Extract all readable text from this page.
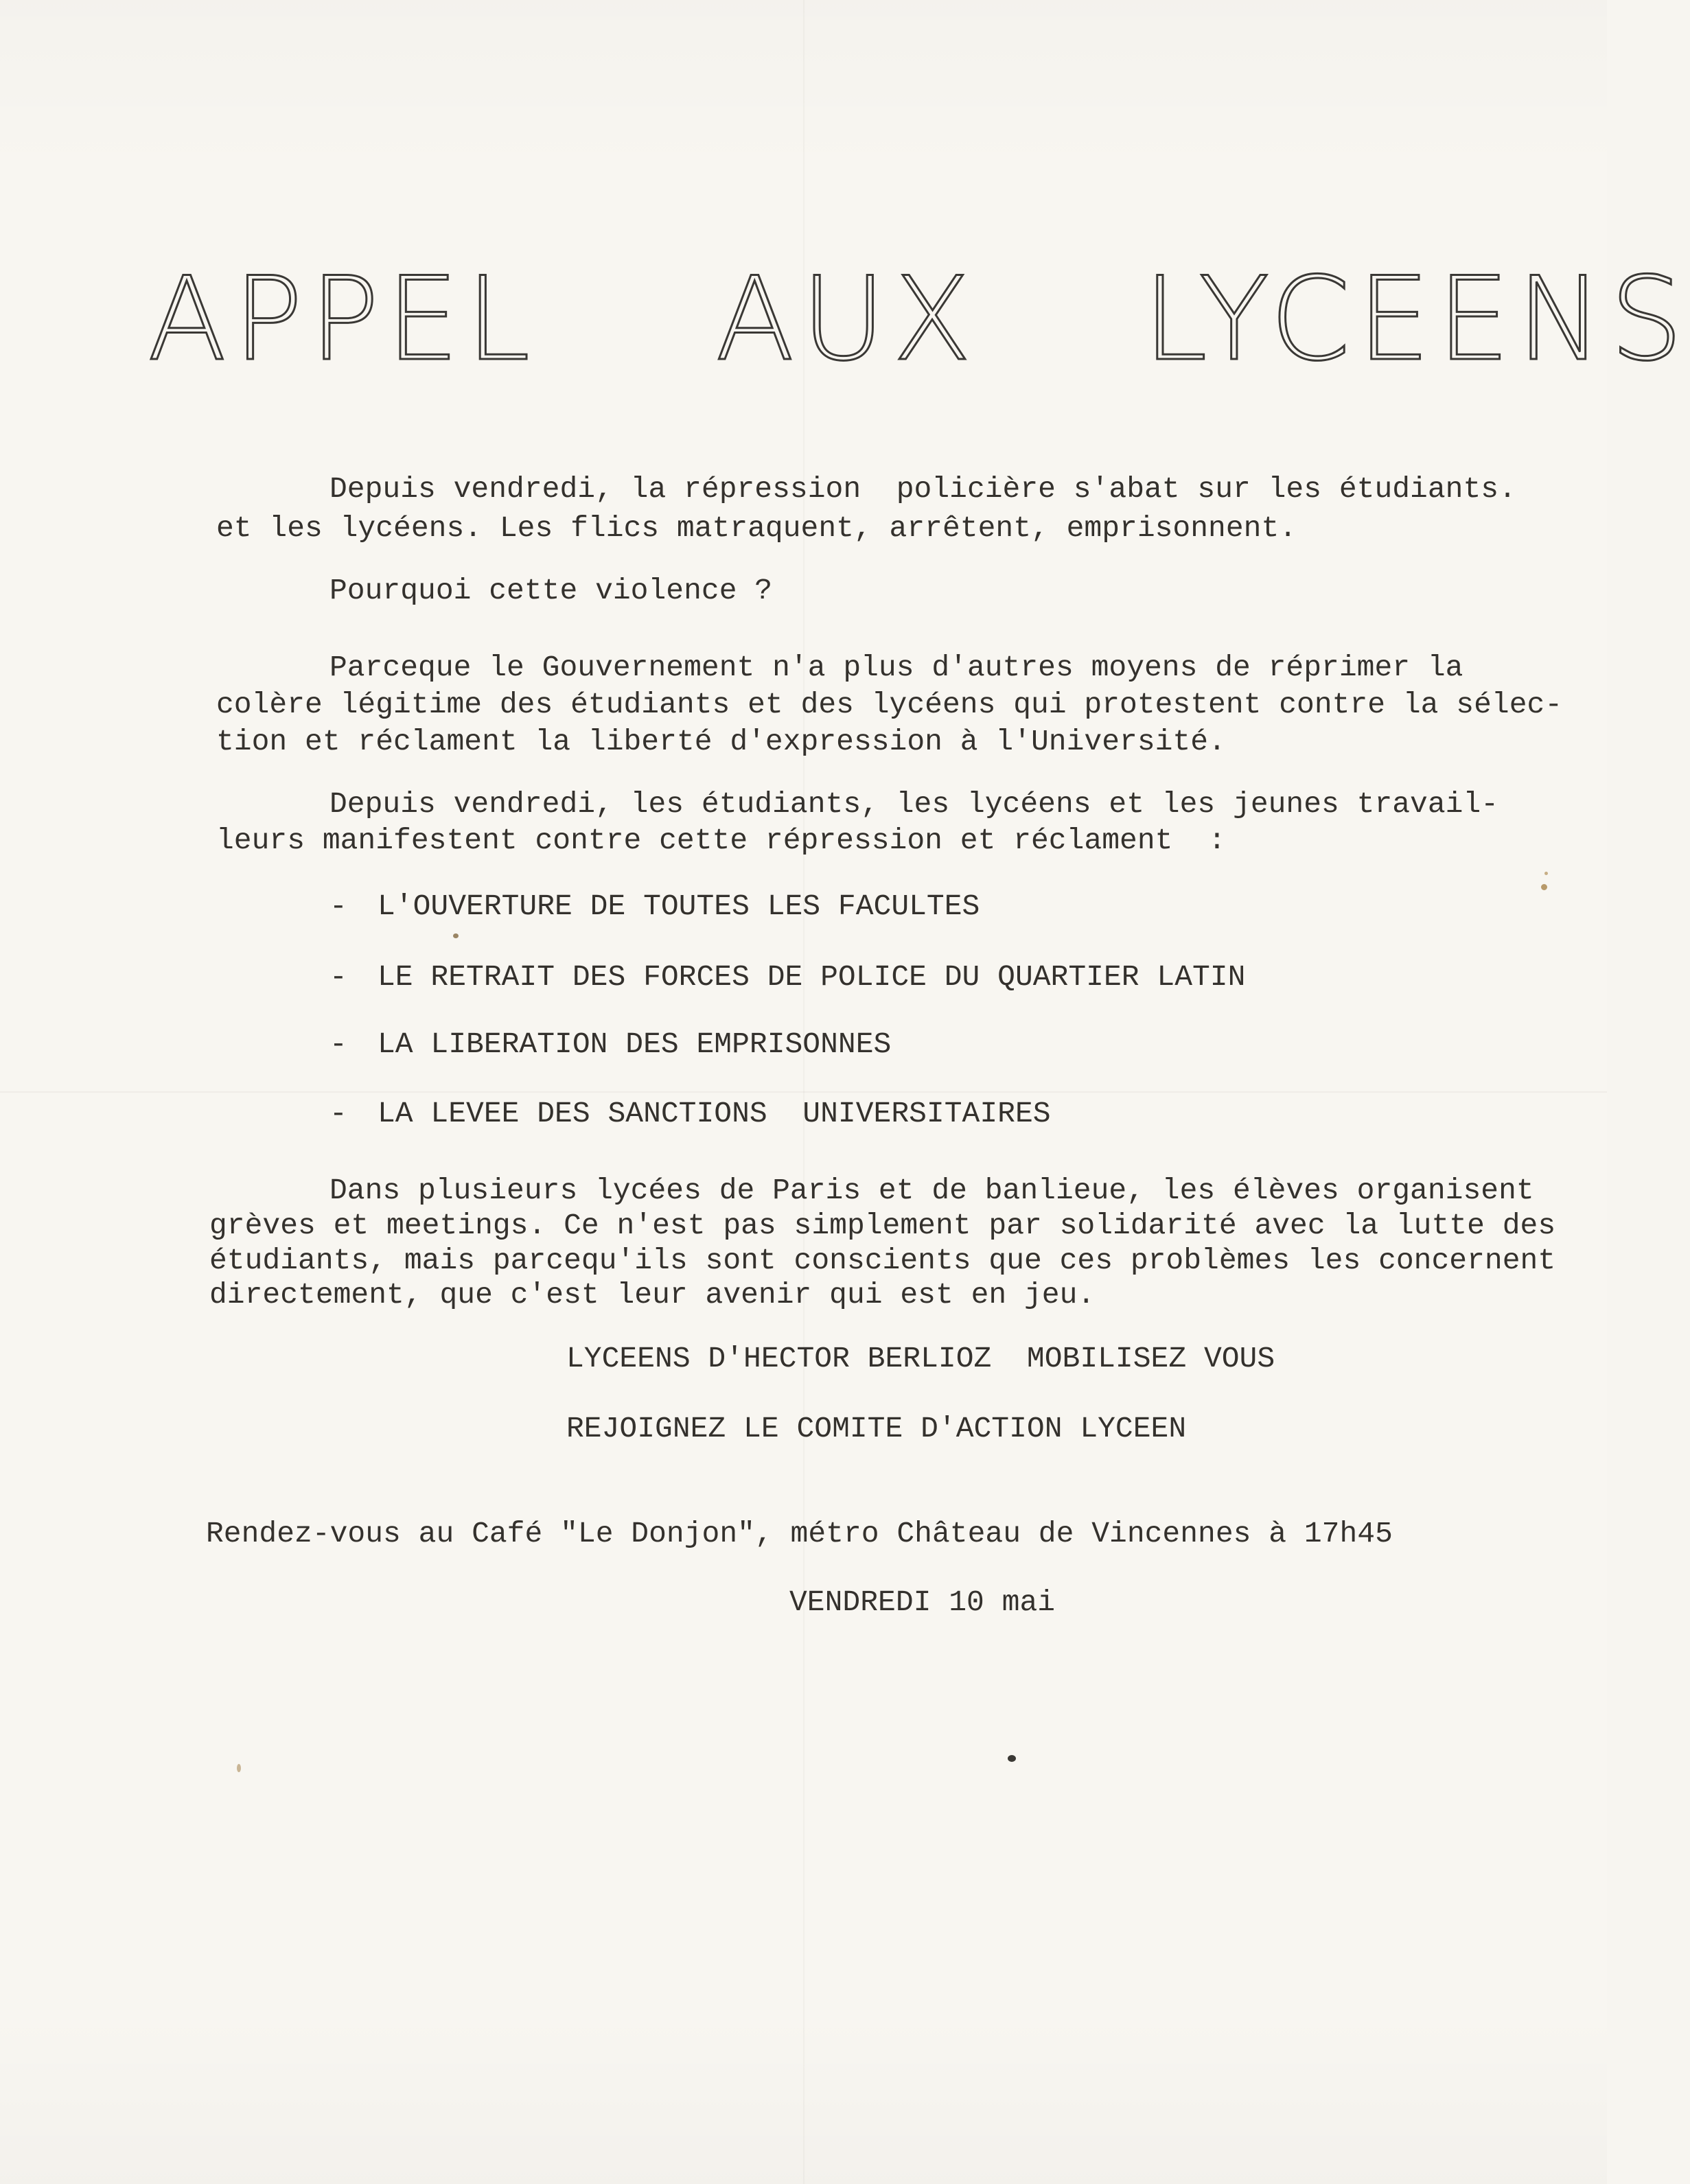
APPEL AUX LYCEENS

Depuis vendredi, la répression  policière s'abat sur les étudiants.

et les lycéens. Les flics matraquent, arrêtent, emprisonnent.

Pourquoi cette violence ?

Parceque le Gouvernement n'a plus d'autres moyens de réprimer la

colère légitime des étudiants et des lycéens qui protestent contre la sélec-

tion et réclament la liberté d'expression à l'Université.

Depuis vendredi, les étudiants, les lycéens et les jeunes travail-

leurs manifestent contre cette répression et réclament  :

- L'OUVERTURE DE TOUTES LES FACULTES

- LE RETRAIT DES FORCES DE POLICE DU QUARTIER LATIN

- LA LIBERATION DES EMPRISONNES

- LA LEVEE DES SANCTIONS  UNIVERSITAIRES

Dans plusieurs lycées de Paris et de banlieue, les élèves organisent

grèves et meetings. Ce n'est pas simplement par solidarité avec la lutte des

étudiants, mais parcequ'ils sont conscients que ces problèmes les concernent

directement, que c'est leur avenir qui est en jeu.

LYCEENS D'HECTOR BERLIOZ  MOBILISEZ VOUS

REJOIGNEZ LE COMITE D'ACTION LYCEEN

Rendez-vous au Café "Le Donjon", métro Château de Vincennes à 17h45

VENDREDI 10 mai
